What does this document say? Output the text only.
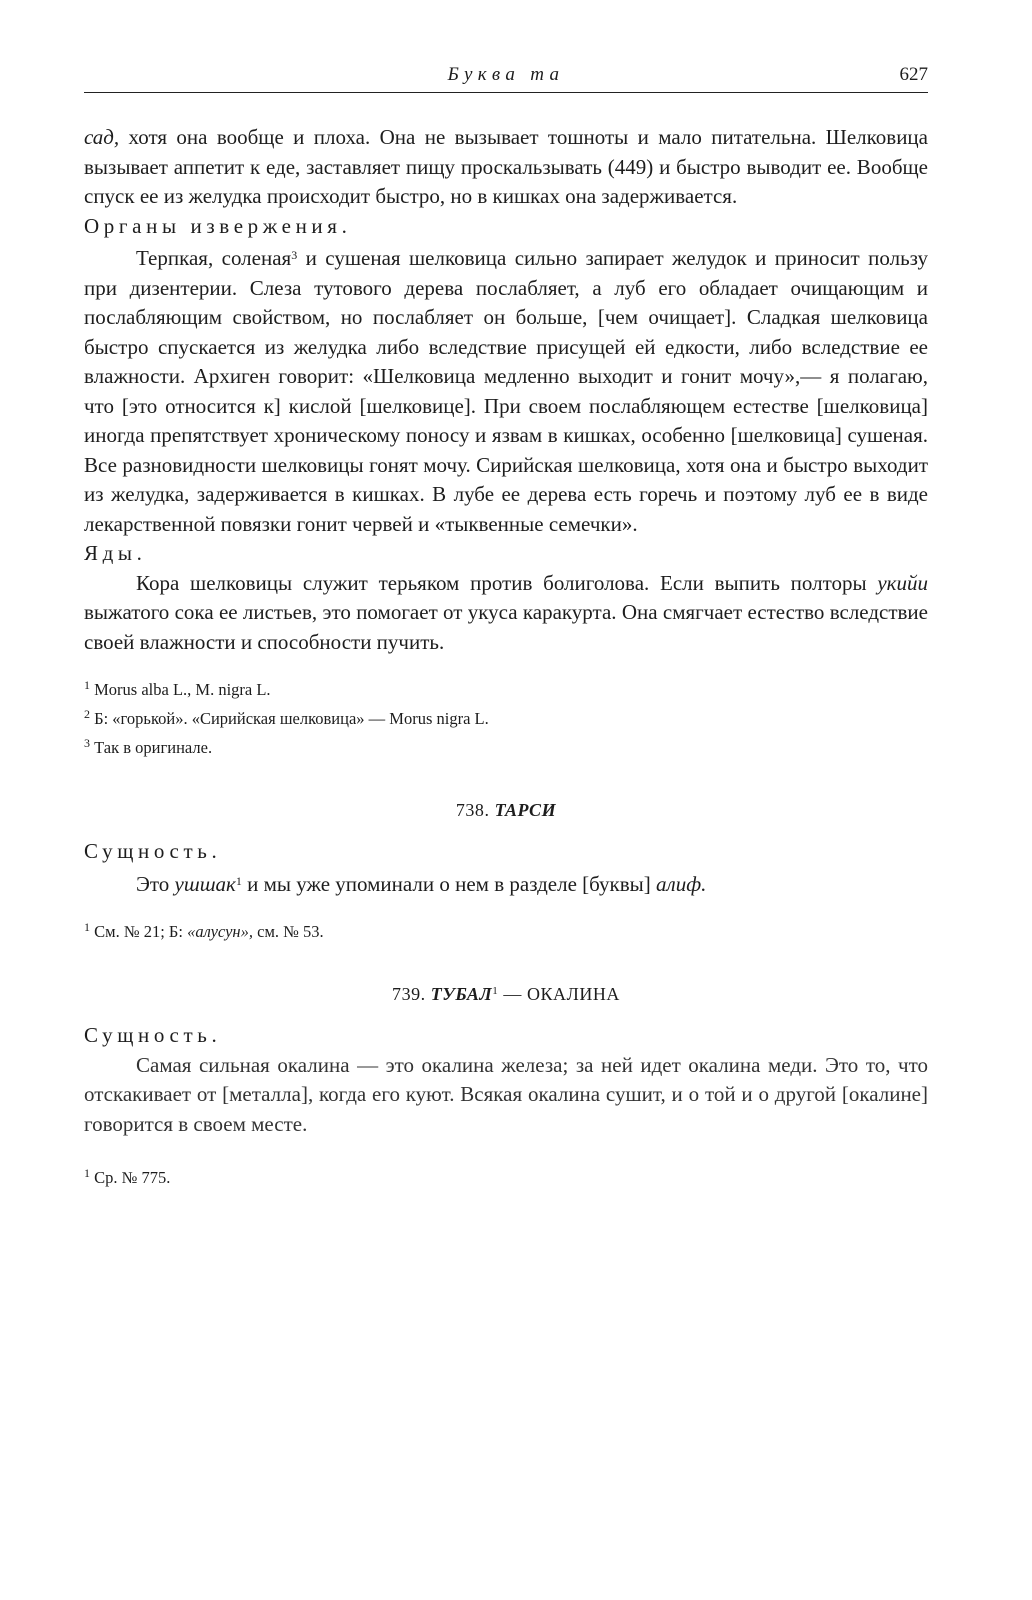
Буква та	627

сад, хотя она вообще и плоха. Она не вызывает тошноты и мало питательна. Шелковица вызывает аппетит к еде, заставляет пищу проскальзывать (449) и быстро выводит ее. Вообще спуск ее из желудка происходит быстро, но в кишках она задерживается.

Органы извержения.

Терпкая, соленая$^3$ и сушеная шелковица сильно запирает желудок и приносит пользу при дизентерии. Слеза тутового дерева послабляет, а луб его обладает очищающим и послабляющим свойством, но послабляет он больше, [чем очищает]. Сладкая шелковица быстро спускается из желудка либо вследствие присущей ей едкости, либо вследствие ее влажности. Архиген говорит: «Шелковица медленно выходит и гонит мочу»,— я полагаю, что [это относится к] кислой [шелковице]. При своем послабляющем естестве [шелковица] иногда препятствует хроническому поносу и язвам в кишках, особенно [шелковица] сушеная. Все разновидности шелковицы гонят мочу. Сирийская шелковица, хотя она и быстро выходит из желудка, задерживается в кишках. В лубе ее дерева есть горечь и поэтому луб ее в виде лекарственной повязки гонит червей и «тыквенные семечки».

Яды.

Кора шелковицы служит терьяком против болиголова. Если выпить полторы укийи выжатого сока ее листьев, это помогает от укуса каракурта. Она смягчает естество вследствие своей влажности и способности пучить.

$^1$ Morus alba L., M. nigra L.
$^2$ Б: «горькой». «Сирийская шелковица» — Morus nigra L.
$^3$ Так в оригинале.
738. ТАРСИ

Сущность.

Это ушшак$^1$ и мы уже упоминали о нем в разделе [буквы] алиф.

$^1$ См. № 21; Б: «алусун», см. № 53.
739. ТУБАЛ$^1$ — ОКАЛИНА

Сущность.

Самая сильная окалина — это окалина железа; за ней идет окалина меди. Это то, что отскакивает от [металла], когда его куют. Всякая окалина сушит, и о той и о другой [окалине] говорится в своем месте.

$^1$ Ср. № 775.
